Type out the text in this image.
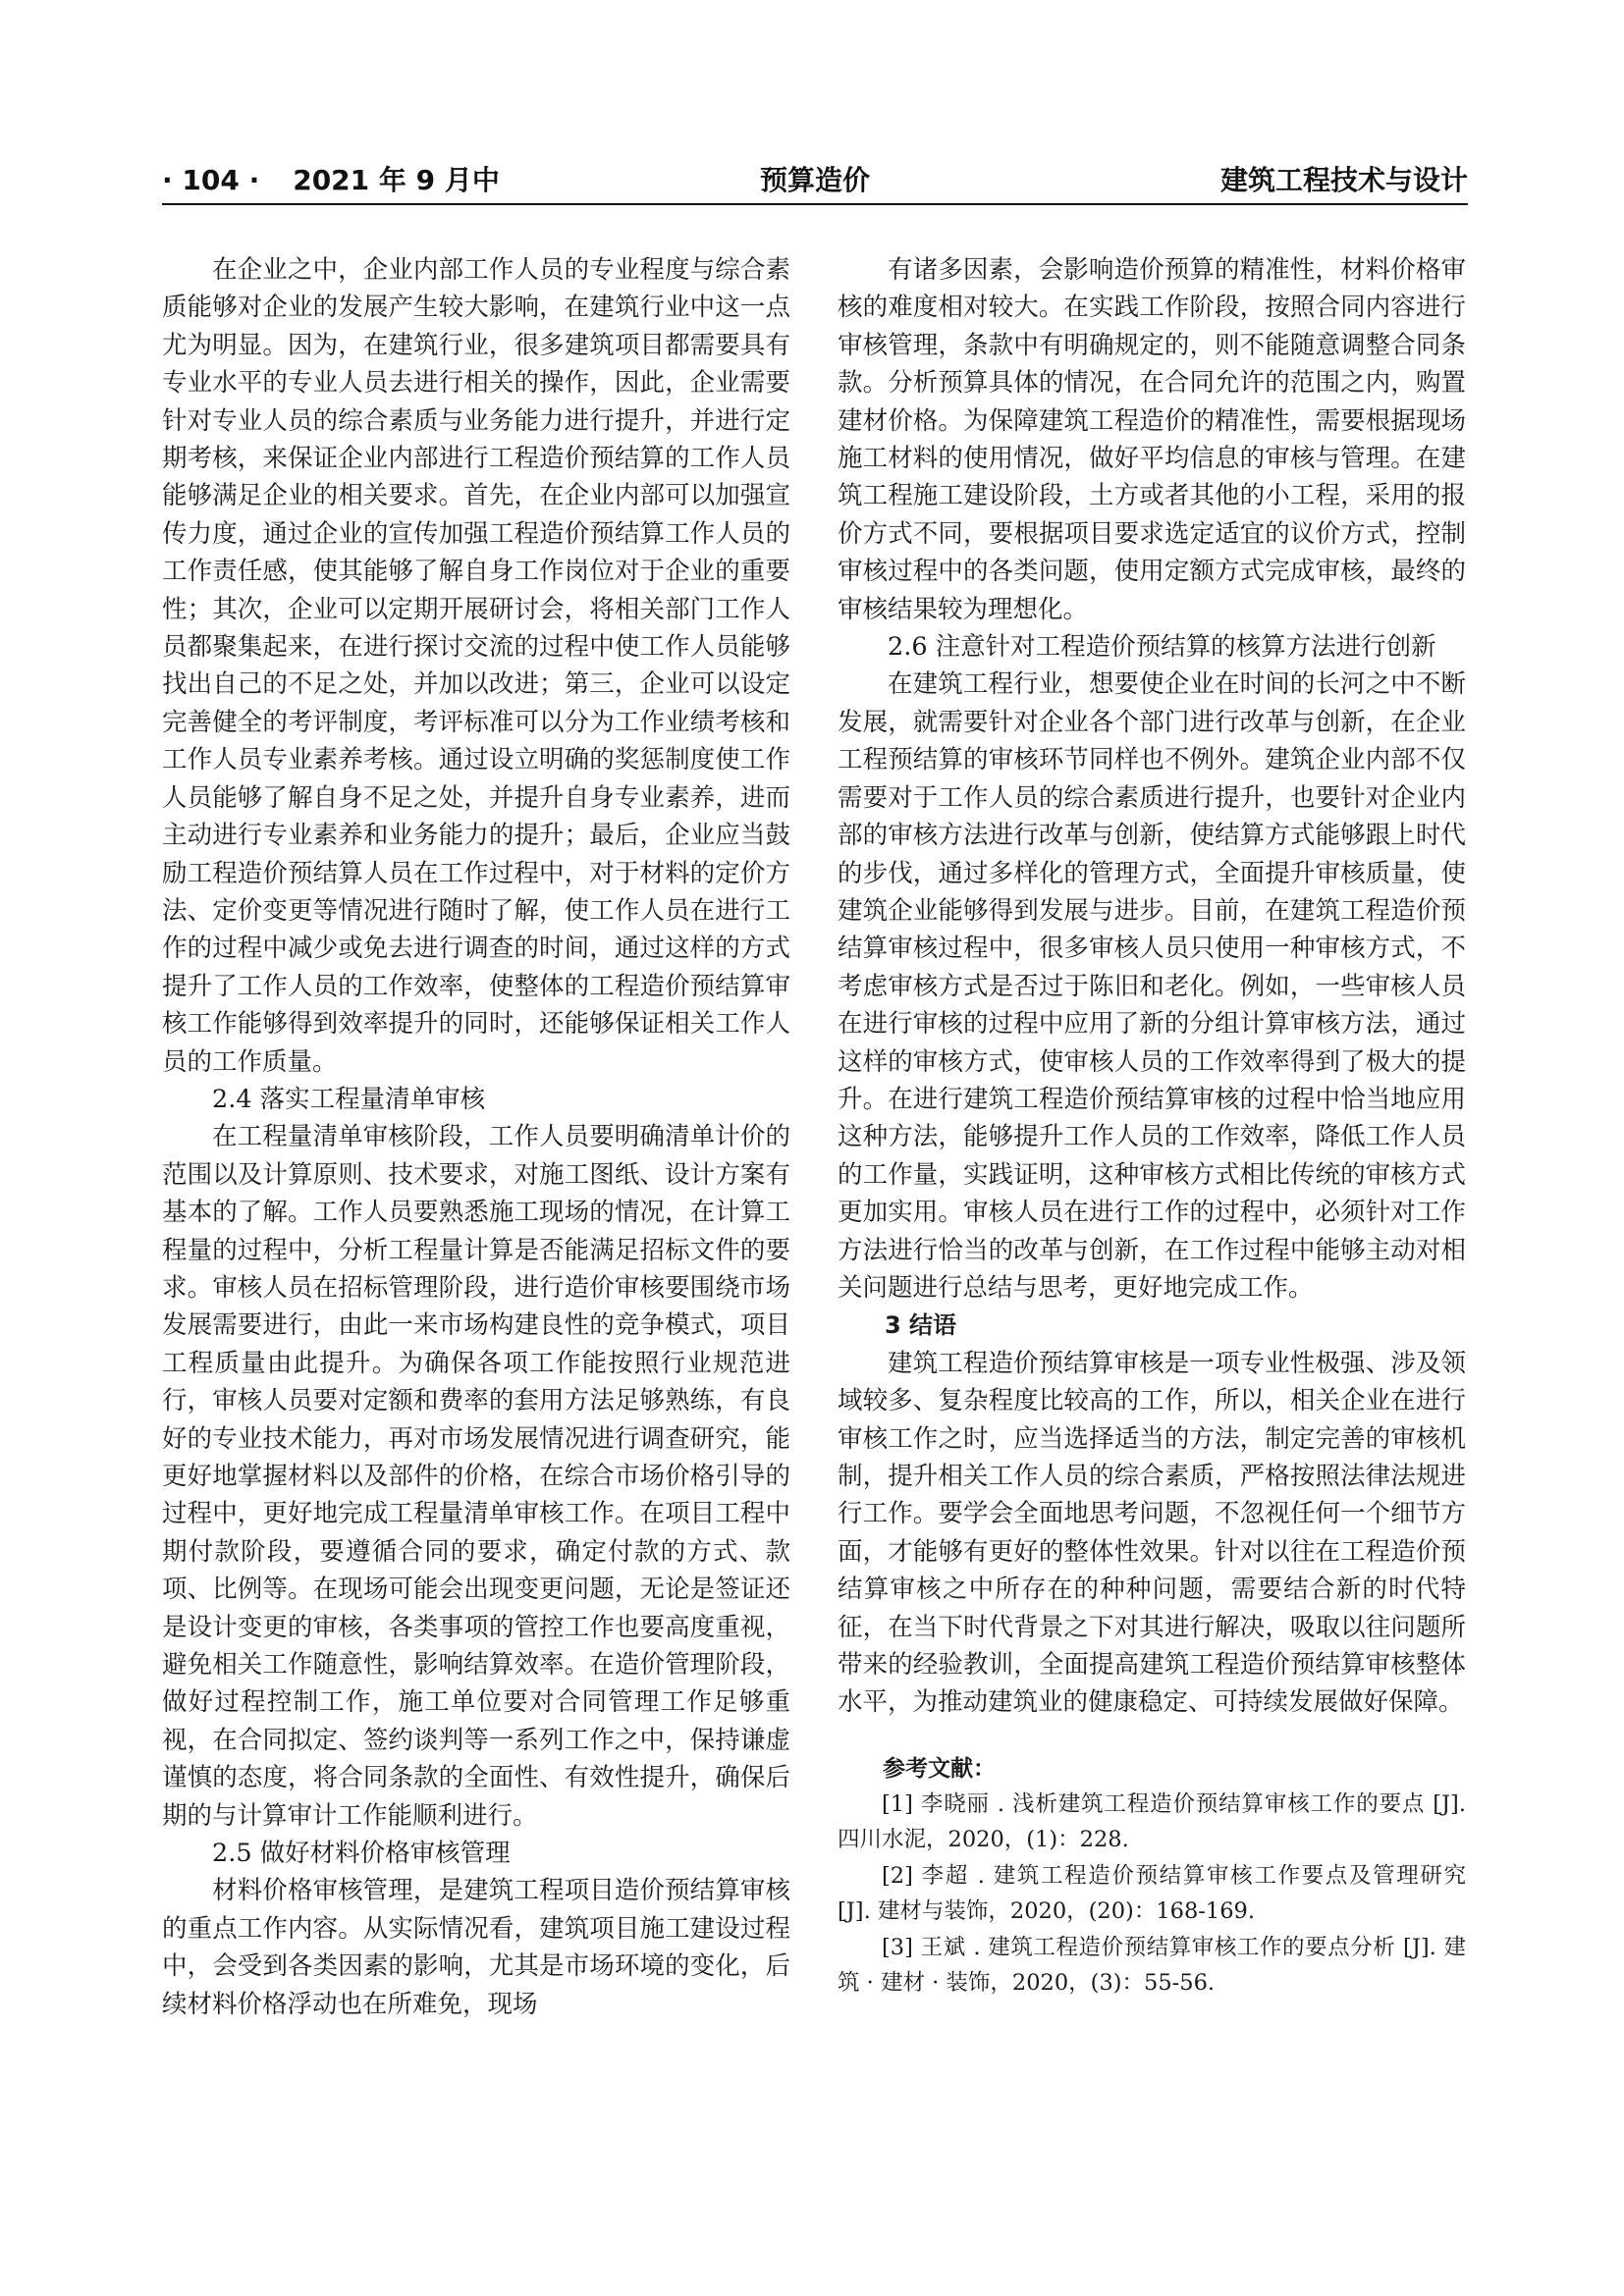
· 104 · 2021 年 9 月中	预算造价	建筑工程技术与设计

在企业之中，企业内部工作人员的专业程度与综合素质能够对企业的发展产生较大影响，在建筑行业中这一点尤为明显。因为，在建筑行业，很多建筑项目都需要具有专业水平的专业人员去进行相关的操作，因此，企业需要针对专业人员的综合素质与业务能力进行提升，并进行定期考核，来保证企业内部进行工程造价预结算的工作人员能够满足企业的相关要求。首先，在企业内部可以加强宣传力度，通过企业的宣传加强工程造价预结算工作人员的工作责任感，使其能够了解自身工作岗位对于企业的重要性；其次，企业可以定期开展研讨会，将相关部门工作人员都聚集起来，在进行探讨交流的过程中使工作人员能够找出自己的不足之处，并加以改进；第三，企业可以设定完善健全的考评制度，考评标准可以分为工作业绩考核和工作人员专业素养考核。通过设立明确的奖惩制度使工作人员能够了解自身不足之处，并提升自身专业素养，进而主动进行专业素养和业务能力的提升；最后，企业应当鼓励工程造价预结算人员在工作过程中，对于材料的定价方法、定价变更等情况进行随时了解，使工作人员在进行工作的过程中减少或免去进行调查的时间，通过这样的方式提升了工作人员的工作效率，使整体的工程造价预结算审核工作能够得到效率提升的同时，还能够保证相关工作人员的工作质量。

2.4 落实工程量清单审核

在工程量清单审核阶段，工作人员要明确清单计价的范围以及计算原则、技术要求，对施工图纸、设计方案有基本的了解。工作人员要熟悉施工现场的情况，在计算工程量的过程中，分析工程量计算是否能满足招标文件的要求。审核人员在招标管理阶段，进行造价审核要围绕市场发展需要进行，由此一来市场构建良性的竞争模式，项目工程质量由此提升。为确保各项工作能按照行业规范进行，审核人员要对定额和费率的套用方法足够熟练，有良好的专业技术能力，再对市场发展情况进行调查研究，能更好地掌握材料以及部件的价格，在综合市场价格引导的过程中，更好地完成工程量清单审核工作。在项目工程中期付款阶段，要遵循合同的要求，确定付款的方式、款项、比例等。在现场可能会出现变更问题，无论是签证还是设计变更的审核，各类事项的管控工作也要高度重视，避免相关工作随意性，影响结算效率。在造价管理阶段，做好过程控制工作，施工单位要对合同管理工作足够重视，在合同拟定、签约谈判等一系列工作之中，保持谦虚谨慎的态度，将合同条款的全面性、有效性提升，确保后期的与计算审计工作能顺利进行。

2.5 做好材料价格审核管理

材料价格审核管理，是建筑工程项目造价预结算审核的重点工作内容。从实际情况看，建筑项目施工建设过程中，会受到各类因素的影响，尤其是市场环境的变化，后续材料价格浮动也在所难免，现场

有诸多因素，会影响造价预算的精准性，材料价格审核的难度相对较大。在实践工作阶段，按照合同内容进行审核管理，条款中有明确规定的，则不能随意调整合同条款。分析预算具体的情况，在合同允许的范围之内，购置建材价格。为保障建筑工程造价的精准性，需要根据现场施工材料的使用情况，做好平均信息的审核与管理。在建筑工程施工建设阶段，土方或者其他的小工程，采用的报价方式不同，要根据项目要求选定适宜的议价方式，控制审核过程中的各类问题，使用定额方式完成审核，最终的审核结果较为理想化。

2.6 注意针对工程造价预结算的核算方法进行创新

在建筑工程行业，想要使企业在时间的长河之中不断发展，就需要针对企业各个部门进行改革与创新，在企业工程预结算的审核环节同样也不例外。建筑企业内部不仅需要对于工作人员的综合素质进行提升，也要针对企业内部的审核方法进行改革与创新，使结算方式能够跟上时代的步伐，通过多样化的管理方式，全面提升审核质量，使建筑企业能够得到发展与进步。目前，在建筑工程造价预结算审核过程中，很多审核人员只使用一种审核方式，不考虑审核方式是否过于陈旧和老化。例如，一些审核人员在进行审核的过程中应用了新的分组计算审核方法，通过这样的审核方式，使审核人员的工作效率得到了极大的提升。在进行建筑工程造价预结算审核的过程中恰当地应用这种方法，能够提升工作人员的工作效率，降低工作人员的工作量，实践证明，这种审核方式相比传统的审核方式更加实用。审核人员在进行工作的过程中，必须针对工作方法进行恰当的改革与创新，在工作过程中能够主动对相关问题进行总结与思考，更好地完成工作。

3 结语

建筑工程造价预结算审核是一项专业性极强、涉及领域较多、复杂程度比较高的工作，所以，相关企业在进行审核工作之时，应当选择适当的方法，制定完善的审核机制，提升相关工作人员的综合素质，严格按照法律法规进行工作。要学会全面地思考问题，不忽视任何一个细节方面，才能够有更好的整体性效果。针对以往在工程造价预结算审核之中所存在的种种问题，需要结合新的时代特征，在当下时代背景之下对其进行解决，吸取以往问题所带来的经验教训，全面提高建筑工程造价预结算审核整体水平，为推动建筑业的健康稳定、可持续发展做好保障。

参考文献：

[1] 李晓丽 . 浅析建筑工程造价预结算审核工作的要点 [J]. 四川水泥，2020，(1)：228.

[2] 李超 . 建筑工程造价预结算审核工作要点及管理研究 [J]. 建材与装饰，2020，(20)：168-169.

[3] 王斌 . 建筑工程造价预结算审核工作的要点分析 [J]. 建筑 · 建材 · 装饰，2020，(3)：55-56.
